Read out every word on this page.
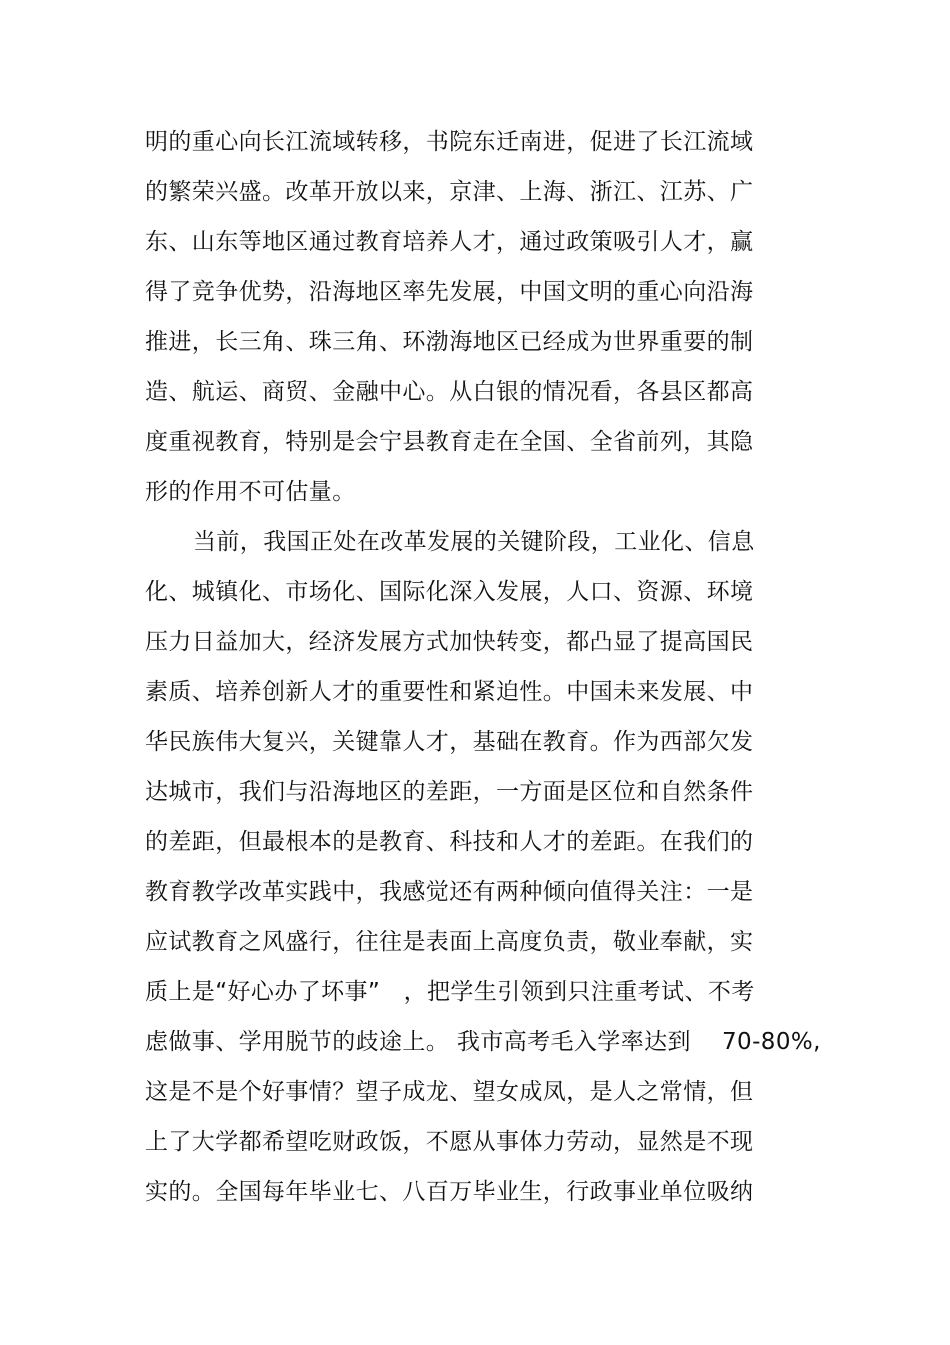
明的重心向长江流域转移，书院东迁南进，促进了长江流域
的繁荣兴盛。改革开放以来，京津、上海、浙江、江苏、广
东、山东等地区通过教育培养人才，通过政策吸引人才，赢
得了竞争优势，沿海地区率先发展，中国文明的重心向沿海
推进，长三角、珠三角、环渤海地区已经成为世界重要的制
造、航运、商贸、金融中心。从白银的情况看，各县区都高
度重视教育，特别是会宁县教育走在全国、全省前列，其隐
形的作用不可估量。
当前，我国正处在改革发展的关键阶段，工业化、信息
化、城镇化、市场化、国际化深入发展，人口、资源、环境
压力日益加大，经济发展方式加快转变，都凸显了提高国民
素质、培养创新人才的重要性和紧迫性。中国未来发展、中
华民族伟大复兴，关键靠人才，基础在教育。作为西部欠发
达城市，我们与沿海地区的差距，一方面是区位和自然条件
的差距，但最根本的是教育、科技和人才的差距。在我们的
教育教学改革实践中，我感觉还有两种倾向值得关注：一是
应试教育之风盛行，往往是表面上高度负责，敬业奉献，实
质上是“好心办了坏事”　，把学生引领到只注重考试、不考
虑做事、学用脱节的歧途上。 我市高考毛入学率达到　 70-80%,
这是不是个好事情？望子成龙、望女成凤，是人之常情，但
上了大学都希望吃财政饭，不愿从事体力劳动，显然是不现
实的。全国每年毕业七、八百万毕业生，行政事业单位吸纳
